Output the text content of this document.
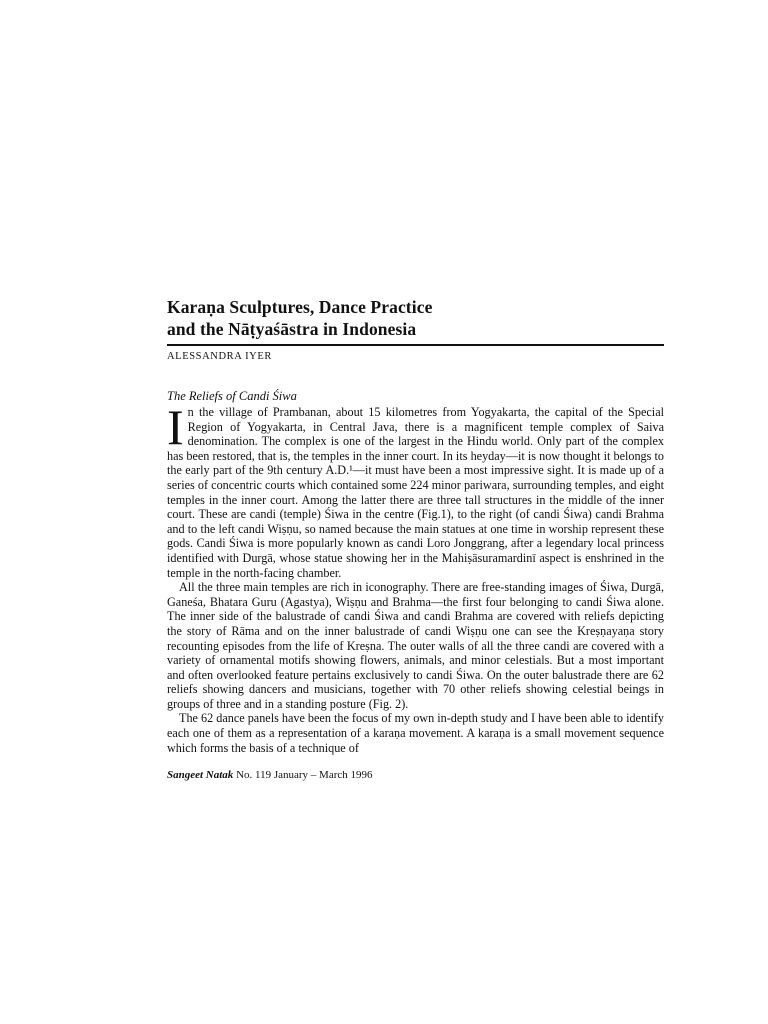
Karaṇa Sculptures, Dance Practice
and the Nāṭyaśāstra in Indonesia
ALESSANDRA IYER
The Reliefs of Candi Śiwa

In the village of Prambanan, about 15 kilometres from Yogyakarta, the capital of the Special Region of Yogyakarta, in Central Java, there is a magnificent temple complex of Saiva denomination. The complex is one of the largest in the Hindu world. Only part of the complex has been restored, that is, the temples in the inner court. In its heyday—it is now thought it belongs to the early part of the 9th century A.D.¹—it must have been a most impressive sight. It is made up of a series of concentric courts which contained some 224 minor pariwara, surrounding temples, and eight temples in the inner court. Among the latter there are three tall structures in the middle of the inner court. These are candi (temple) Śiwa in the centre (Fig.1), to the right (of candi Śiwa) candi Brahma and to the left candi Wiṣṇu, so named because the main statues at one time in worship represent these gods. Candi Śiwa is more popularly known as candi Loro Jonggrang, after a legendary local princess identified with Durgā, whose statue showing her in the Mahiṣāsuramardinī aspect is enshrined in the temple in the north-facing chamber.

All the three main temples are rich in iconography. There are free-standing images of Śiwa, Durgā, Ganeśa, Bhatara Guru (Agastya), Wiṣṇu and Brahma—the first four belonging to candi Śiwa alone. The inner side of the balustrade of candi Śiwa and candi Brahma are covered with reliefs depicting the story of Rāma and on the inner balustrade of candi Wiṣṇu one can see the Kreṣṇayaṇa story recounting episodes from the life of Kreṣna. The outer walls of all the three candi are covered with a variety of ornamental motifs showing flowers, animals, and minor celestials. But a most important and often overlooked feature pertains exclusively to candi Śiwa. On the outer balustrade there are 62 reliefs showing dancers and musicians, together with 70 other reliefs showing celestial beings in groups of three and in a standing posture (Fig. 2).

The 62 dance panels have been the focus of my own in-depth study and I have been able to identify each one of them as a representation of a karaṇa movement. A karaṇa is a small movement sequence which forms the basis of a technique of

Sangeet Natak No. 119 January – March 1996
